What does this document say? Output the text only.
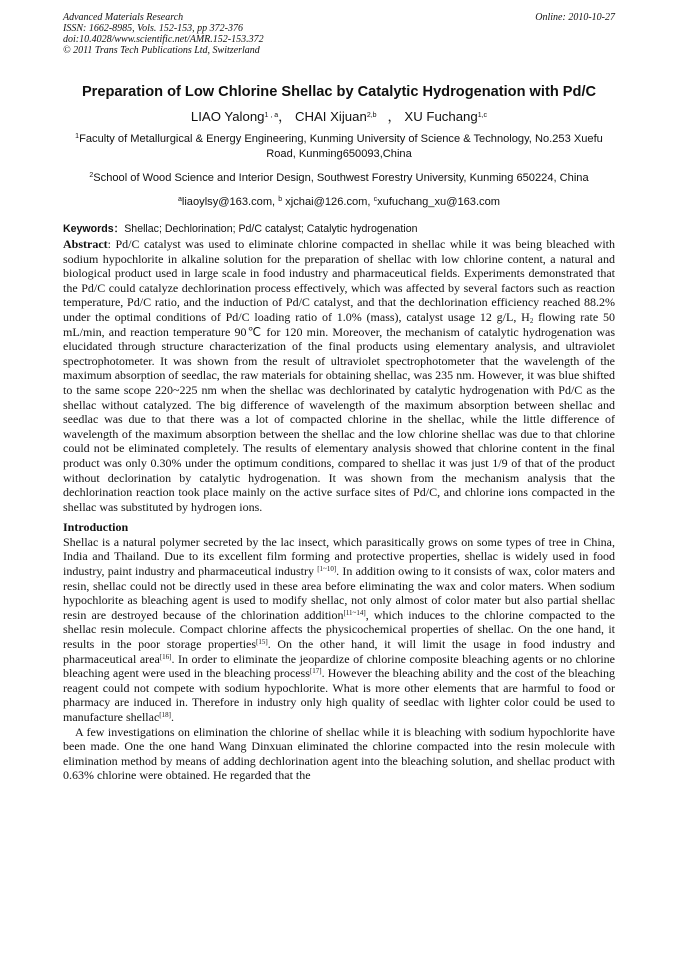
Advanced Materials Research
ISSN: 1662-8985, Vols. 152-153, pp 372-376
doi:10.4028/www.scientific.net/AMR.152-153.372
© 2011 Trans Tech Publications Ltd, Switzerland
Online: 2010-10-27
Preparation of Low Chlorine Shellac by Catalytic Hydrogenation with Pd/C
LIAO Yalong$^{1 , a}$， CHAI Xijuan$^{2,b}$ ， XU Fuchang$^{1,c}$
$^1$Faculty of Metallurgical & Energy Engineering, Kunming University of Science & Technology, No.253 Xuefu Road, Kunming650093,China
$^2$School of Wood Science and Interior Design, Southwest Forestry University, Kunming 650224, China
$^a$liaoylsy@163.com, $^b$ xjchai@126.com, $^c$xufuchang_xu@163.com
Keywords：Shellac; Dechlorination; Pd/C catalyst; Catalytic hydrogenation

Abstract: Pd/C catalyst was used to eliminate chlorine compacted in shellac while it was being bleached with sodium hypochlorite in alkaline solution for the preparation of shellac with low chlorine content, a natural and biological product used in large scale in food industry and pharmaceutical fields. Experiments demonstrated that the Pd/C could catalyze dechlorination process effectively, which was affected by several factors such as reaction temperature, Pd/C ratio, and the induction of Pd/C catalyst, and that the dechlorination efficiency reached 88.2% under the optimal conditions of Pd/C loading ratio of 1.0% (mass), catalyst usage 12 g/L, $H_2$ flowing rate 50 mL/min, and reaction temperature 90℃ for 120 min. Moreover, the mechanism of catalytic hydrogenation was elucidated through structure characterization of the final products using elementary analysis, and ultraviolet spectrophotometer. It was shown from the result of ultraviolet spectrophotometer that the wavelength of the maximum absorption of seedlac, the raw materials for obtaining shellac, was 235 nm. However, it was blue shifted to the same scope 220~225 nm when the shellac was dechlorinated by catalytic hydrogenation with Pd/C as the shellac without catalyzed. The big difference of wavelength of the maximum absorption between shellac and seedlac was due to that there was a lot of compacted chlorine in the shellac, while the little difference of wavelength of the maximum absorption between the shellac and the low chlorine shellac was due to that chlorine could not be eliminated completely. The results of elementary analysis showed that chlorine content in the final product was only 0.30% under the optimum conditions, compared to shellac it was just 1/9 of that of the product without declorination by catalytic hydrogenation. It was shown from the mechanism analysis that the dechlorination reaction took place mainly on the active surface sites of Pd/C, and chlorine ions compacted in the shellac was substituted by hydrogen ions.

Introduction

Shellac is a natural polymer secreted by the lac insect, which parasitically grows on some types of tree in China, India and Thailand. Due to its excellent film forming and protective properties, shellac is widely used in food industry, paint industry and pharmaceutical industry [1~10]. In addition owing to it consists of wax, color maters and resin, shellac could not be directly used in these area before eliminating the wax and color maters. When sodium hypochlorite as bleaching agent is used to modify shellac, not only almost of color mater but also partial shellac resin are destroyed because of the chlorination addition[11~14], which induces to the chlorine compacted to the shellac resin molecule. Compact chlorine affects the physicochemical properties of shellac. On the one hand, it results in the poor storage properties[15]. On the other hand, it will limit the usage in food industry and pharmaceutical area[16]. In order to eliminate the jeopardize of chlorine composite bleaching agents or no chlorine bleaching agent were used in the bleaching process[17]. However the bleaching ability and the cost of the bleaching reagent could not compete with sodium hypochlorite. What is more other elements that are harmful to food or pharmacy are induced in. Therefore in industry only high quality of seedlac with lighter color could be used to manufacture shellac[18].

A few investigations on elimination the chlorine of shellac while it is bleaching with sodium hypochlorite have been made. One the one hand Wang Dinxuan eliminated the chlorine compacted into the resin molecule with elimination method by means of adding dechlorination agent into the bleaching solution, and shellac product with 0.63% chlorine were obtained. He regarded that the
